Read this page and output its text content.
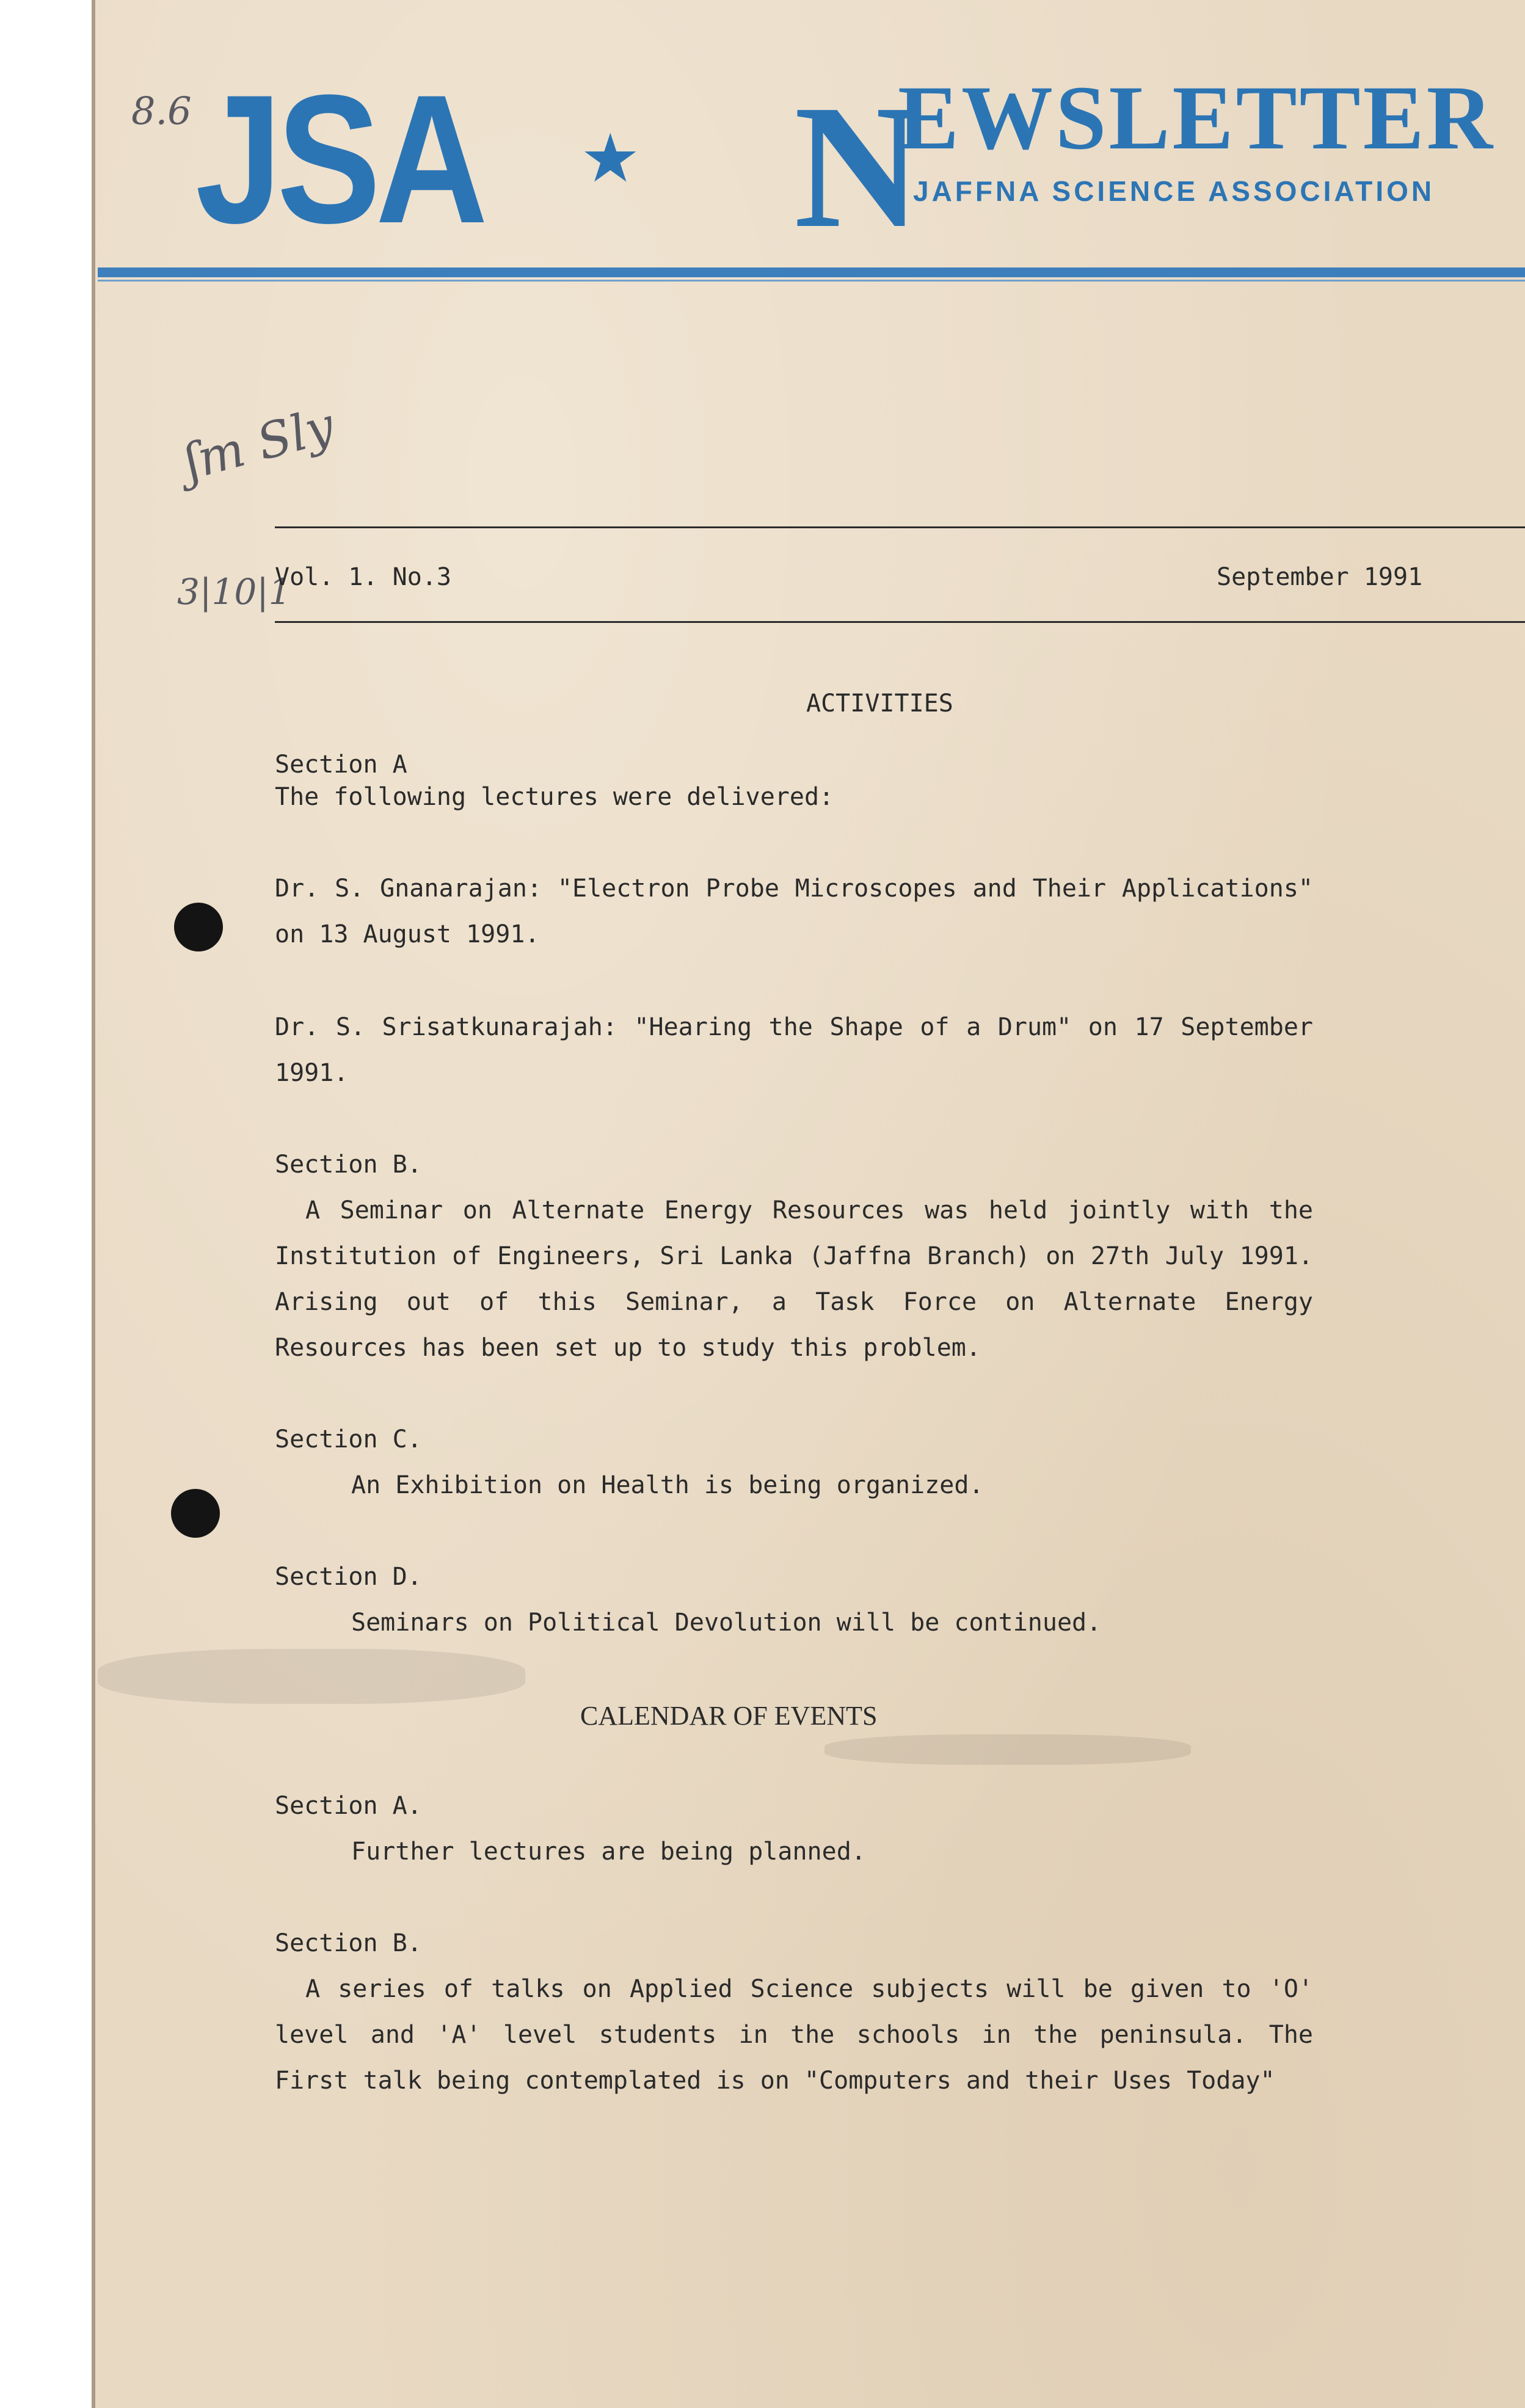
JSA ★ N
EWSLETTER
JAFFNA SCIENCE ASSOCIATION
8.6
ʃm Sly
3|10|1
Vol. 1. No.3	September 1991
ACTIVITIES
Section A
The following lectures were delivered:
Dr. S. Gnanarajan: "Electron Probe Microscopes and Their Applications" on 13 August 1991.
Dr. S. Srisatkunarajah: "Hearing the Shape of a Drum" on 17 September 1991.
Section B.
A Seminar on Alternate Energy Resources was held jointly with the Institution of Engineers, Sri Lanka (Jaffna Branch) on 27th July 1991. Arising out of this Seminar, a Task Force on Alternate Energy Resources has been set up to study this problem.
Section C.
An Exhibition on Health is being organized.
Section D.
Seminars on Political Devolution will be continued.
CALENDAR OF EVENTS
Section A.
Further lectures are being planned.
Section B.
A series of talks on Applied Science subjects will be given to 'O' level and 'A' level students in the schools in the peninsula. The First talk being contemplated is on "Computers and their Uses Today"
